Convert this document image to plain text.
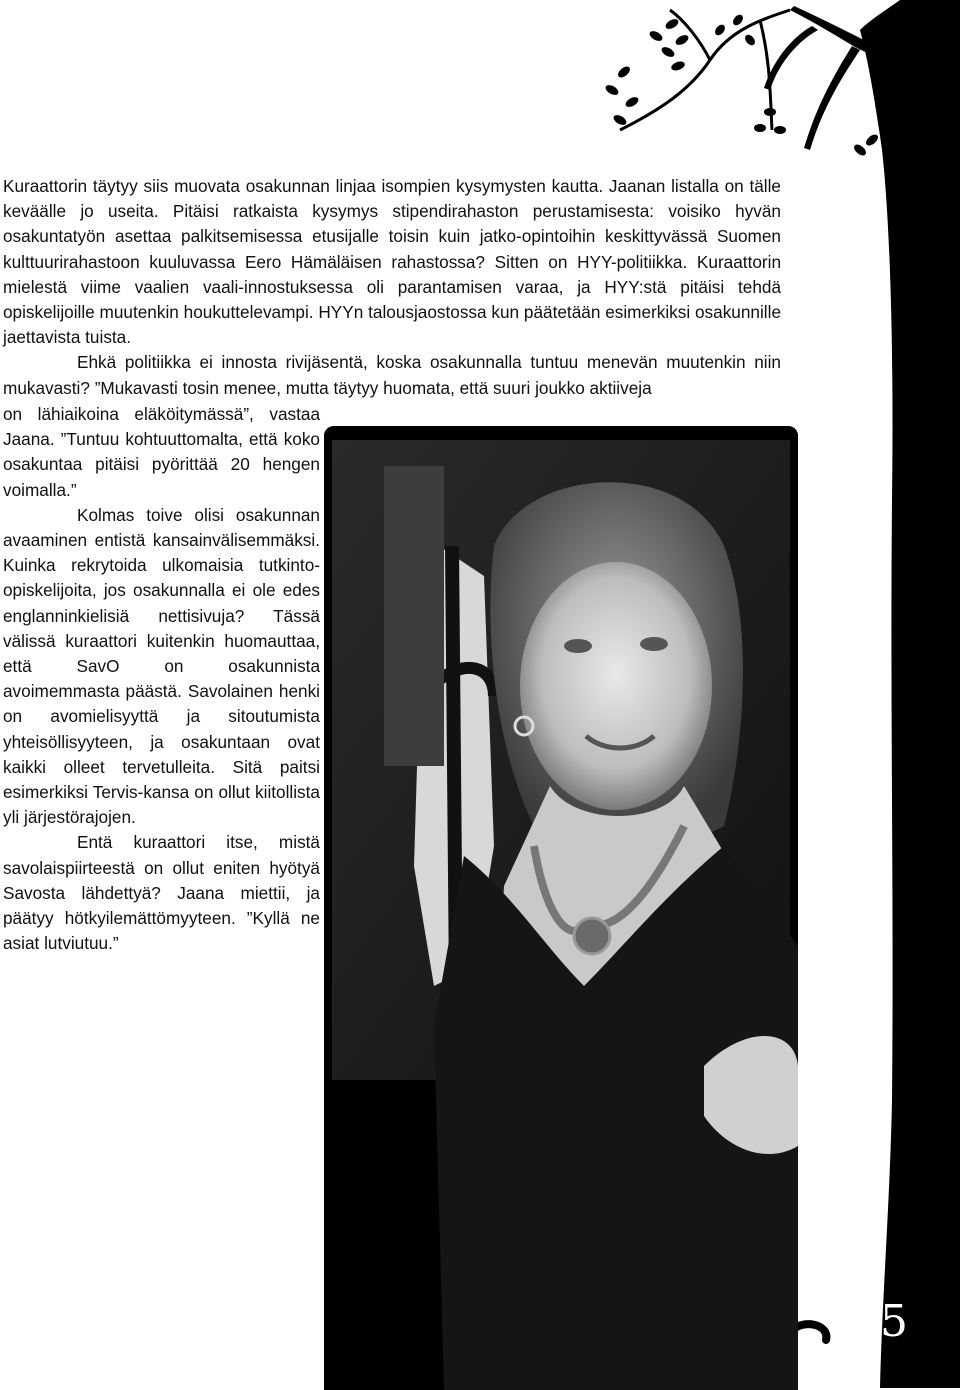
5

Kuraattorin täytyy siis muovata osakunnan linjaa isompien kysymysten kautta. Jaanan listalla on tälle keväälle jo useita. Pitäisi ratkaista kysymys stipendirahaston perustamisesta: voisiko hyvän osakuntatyön asettaa palkitsemisessa etusijalle toisin kuin jatko-opintoihin keskittyvässä Suomen kulttuurirahastoon kuuluvassa Eero Hämäläisen rahastossa? Sitten on HYY-politiikka. Kuraattorin mielestä viime vaalien vaali-innostuksessa oli parantamisen varaa, ja HYY:stä pitäisi tehdä opiskelijoille muutenkin houkuttelevampi. HYYn talousjaostossa kun päätetään esimerkiksi osakunnille jaettavista tuista.

Ehkä politiikka ei innosta rivijäsentä, koska osakunnalla tuntuu menevän muutenkin niin mukavasti? ”Mukavasti tosin menee, mutta täytyy huomata, että suuri joukko aktiiveja

on lähiaikoina eläköitymässä”, vastaa Jaana. ”Tuntuu kohtuuttomalta, että koko osakuntaa pitäisi pyörittää 20 hengen voimalla.”

Kolmas toive olisi osakunnan avaaminen entistä kansainvälisemmäksi. Kuinka rekrytoida ulkomaisia tutkinto-opiskelijoita, jos osakunnalla ei ole edes englanninkielisiä nettisivuja? Tässä välissä kuraattori kuitenkin huomauttaa, että SavO on osakunnista avoimemmasta päästä. Savolainen henki on avomielisyyttä ja sitoutumista yhteisöllisyyteen, ja osakuntaan ovat kaikki olleet tervetulleita. Sitä paitsi esimerkiksi Tervis-kansa on ollut kiitollista yli järjestörajojen.

Entä kuraattori itse, mistä savolaispiirteestä on ollut eniten hyötyä Savosta lähdettyä? Jaana miettii, ja päätyy hötkyilemättömyyteen. ”Kyllä ne asiat lutviutuu.”
